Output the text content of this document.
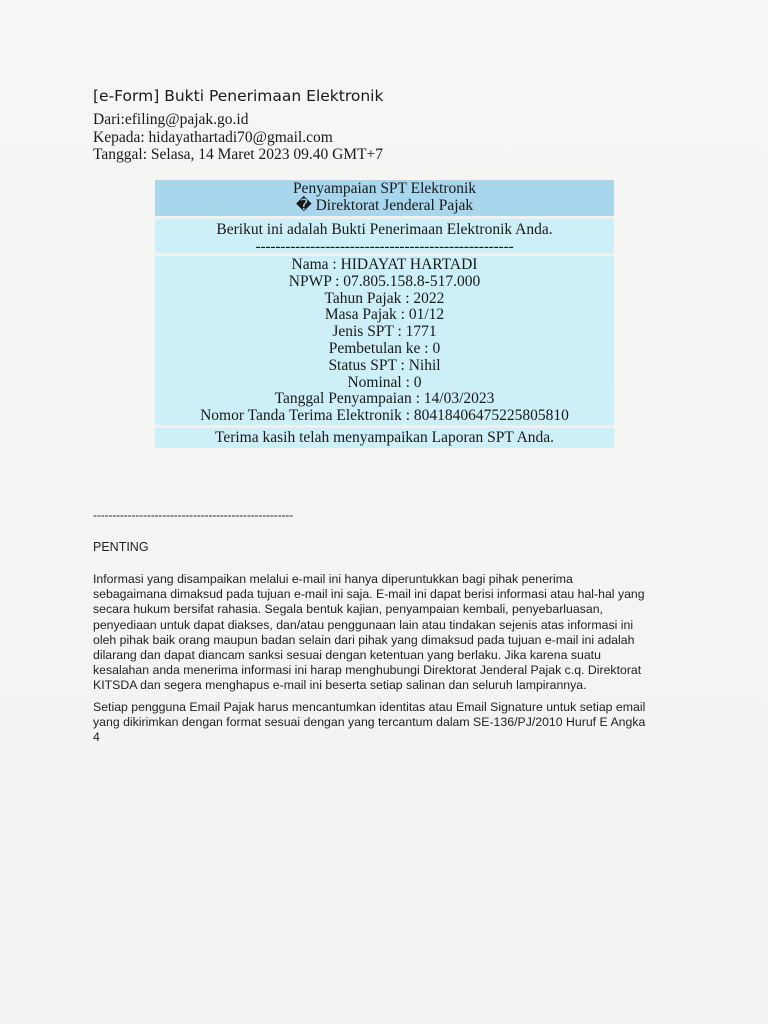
[e-Form] Bukti Penerimaan Elektronik
Dari:efiling@pajak.go.id
Kepada: hidayathartadi70@gmail.com
Tanggal: Selasa, 14 Maret 2023 09.40 GMT+7
Penyampaian SPT Elektronik
� Direktorat Jenderal Pajak
Berikut ini adalah Bukti Penerimaan Elektronik Anda.
----------------------------------------------------
Nama : HIDAYAT HARTADI
NPWP : 07.805.158.8-517.000
Tahun Pajak : 2022
Masa Pajak : 01/12
Jenis SPT : 1771
Pembetulan ke : 0
Status SPT : Nihil
Nominal : 0
Tanggal Penyampaian : 14/03/2023
Nomor Tanda Terima Elektronik : 80418406475225805810
Terima kasih telah menyampaikan Laporan SPT Anda.
----------------------------------------------------
PENTING
Informasi yang disampaikan melalui e-mail ini hanya diperuntukkan bagi pihak penerima
sebagaimana dimaksud pada tujuan e-mail ini saja. E-mail ini dapat berisi informasi atau hal-hal yang
secara hukum bersifat rahasia. Segala bentuk kajian, penyampaian kembali, penyebarluasan,
penyediaan untuk dapat diakses, dan/atau penggunaan lain atau tindakan sejenis atas informasi ini
oleh pihak baik orang maupun badan selain dari pihak yang dimaksud pada tujuan e-mail ini adalah
dilarang dan dapat diancam sanksi sesuai dengan ketentuan yang berlaku. Jika karena suatu
kesalahan anda menerima informasi ini harap menghubungi Direktorat Jenderal Pajak c.q. Direktorat
KITSDA dan segera menghapus e-mail ini beserta setiap salinan dan seluruh lampirannya.
Setiap pengguna Email Pajak harus mencantumkan identitas atau Email Signature untuk setiap email
yang dikirimkan dengan format sesuai dengan yang tercantum dalam SE-136/PJ/2010 Huruf E Angka
4
